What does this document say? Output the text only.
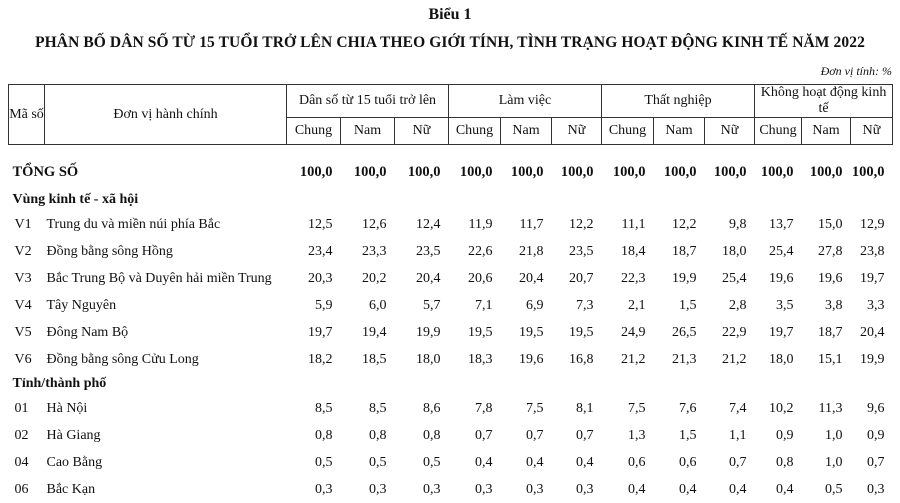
Biểu 1
PHÂN BỐ DÂN SỐ TỪ 15 TUỔI TRỞ LÊN CHIA THEO GIỚI TÍNH, TÌNH TRẠNG HOẠT ĐỘNG KINH TẾ NĂM 2022
Đơn vị tính: %
Mã số	Đơn vị hành chính	Dân số từ 15 tuổi trở lên			Làm việc			Thất nghiệp			Không hoạt động kinh tế		
		Chung	Nam	Nữ	Chung	Nam	Nữ	Chung	Nam	Nữ	Chung	Nam	Nữ

TỔNG SỐ		100,0	100,0	100,0	100,0	100,0	100,0	100,0	100,0	100,0	100,0	100,0	100,0
Vùng kinh tế - xã hội													
V1	Trung du và miền núi phía Bắc	12,5	12,6	12,4	11,9	11,7	12,2	11,1	12,2	9,8	13,7	15,0	12,9
V2	Đồng bằng sông Hồng	23,4	23,3	23,5	22,6	21,8	23,5	18,4	18,7	18,0	25,4	27,8	23,8
V3	Bắc Trung Bộ và Duyên hải miền Trung	20,3	20,2	20,4	20,6	20,4	20,7	22,3	19,9	25,4	19,6	19,6	19,7
V4	Tây Nguyên	5,9	6,0	5,7	7,1	6,9	7,3	2,1	1,5	2,8	3,5	3,8	3,3
V5	Đông Nam Bộ	19,7	19,4	19,9	19,5	19,5	19,5	24,9	26,5	22,9	19,7	18,7	20,4
V6	Đồng bằng sông Cửu Long	18,2	18,5	18,0	18,3	19,6	16,8	21,2	21,3	21,2	18,0	15,1	19,9
Tỉnh/thành phố													
01	Hà Nội	8,5	8,5	8,6	7,8	7,5	8,1	7,5	7,6	7,4	10,2	11,3	9,6
02	Hà Giang	0,8	0,8	0,8	0,7	0,7	0,7	1,3	1,5	1,1	0,9	1,0	0,9
04	Cao Bằng	0,5	0,5	0,5	0,4	0,4	0,4	0,6	0,6	0,7	0,8	1,0	0,7
06	Bắc Kạn	0,3	0,3	0,3	0,3	0,3	0,3	0,4	0,4	0,4	0,4	0,5	0,3
